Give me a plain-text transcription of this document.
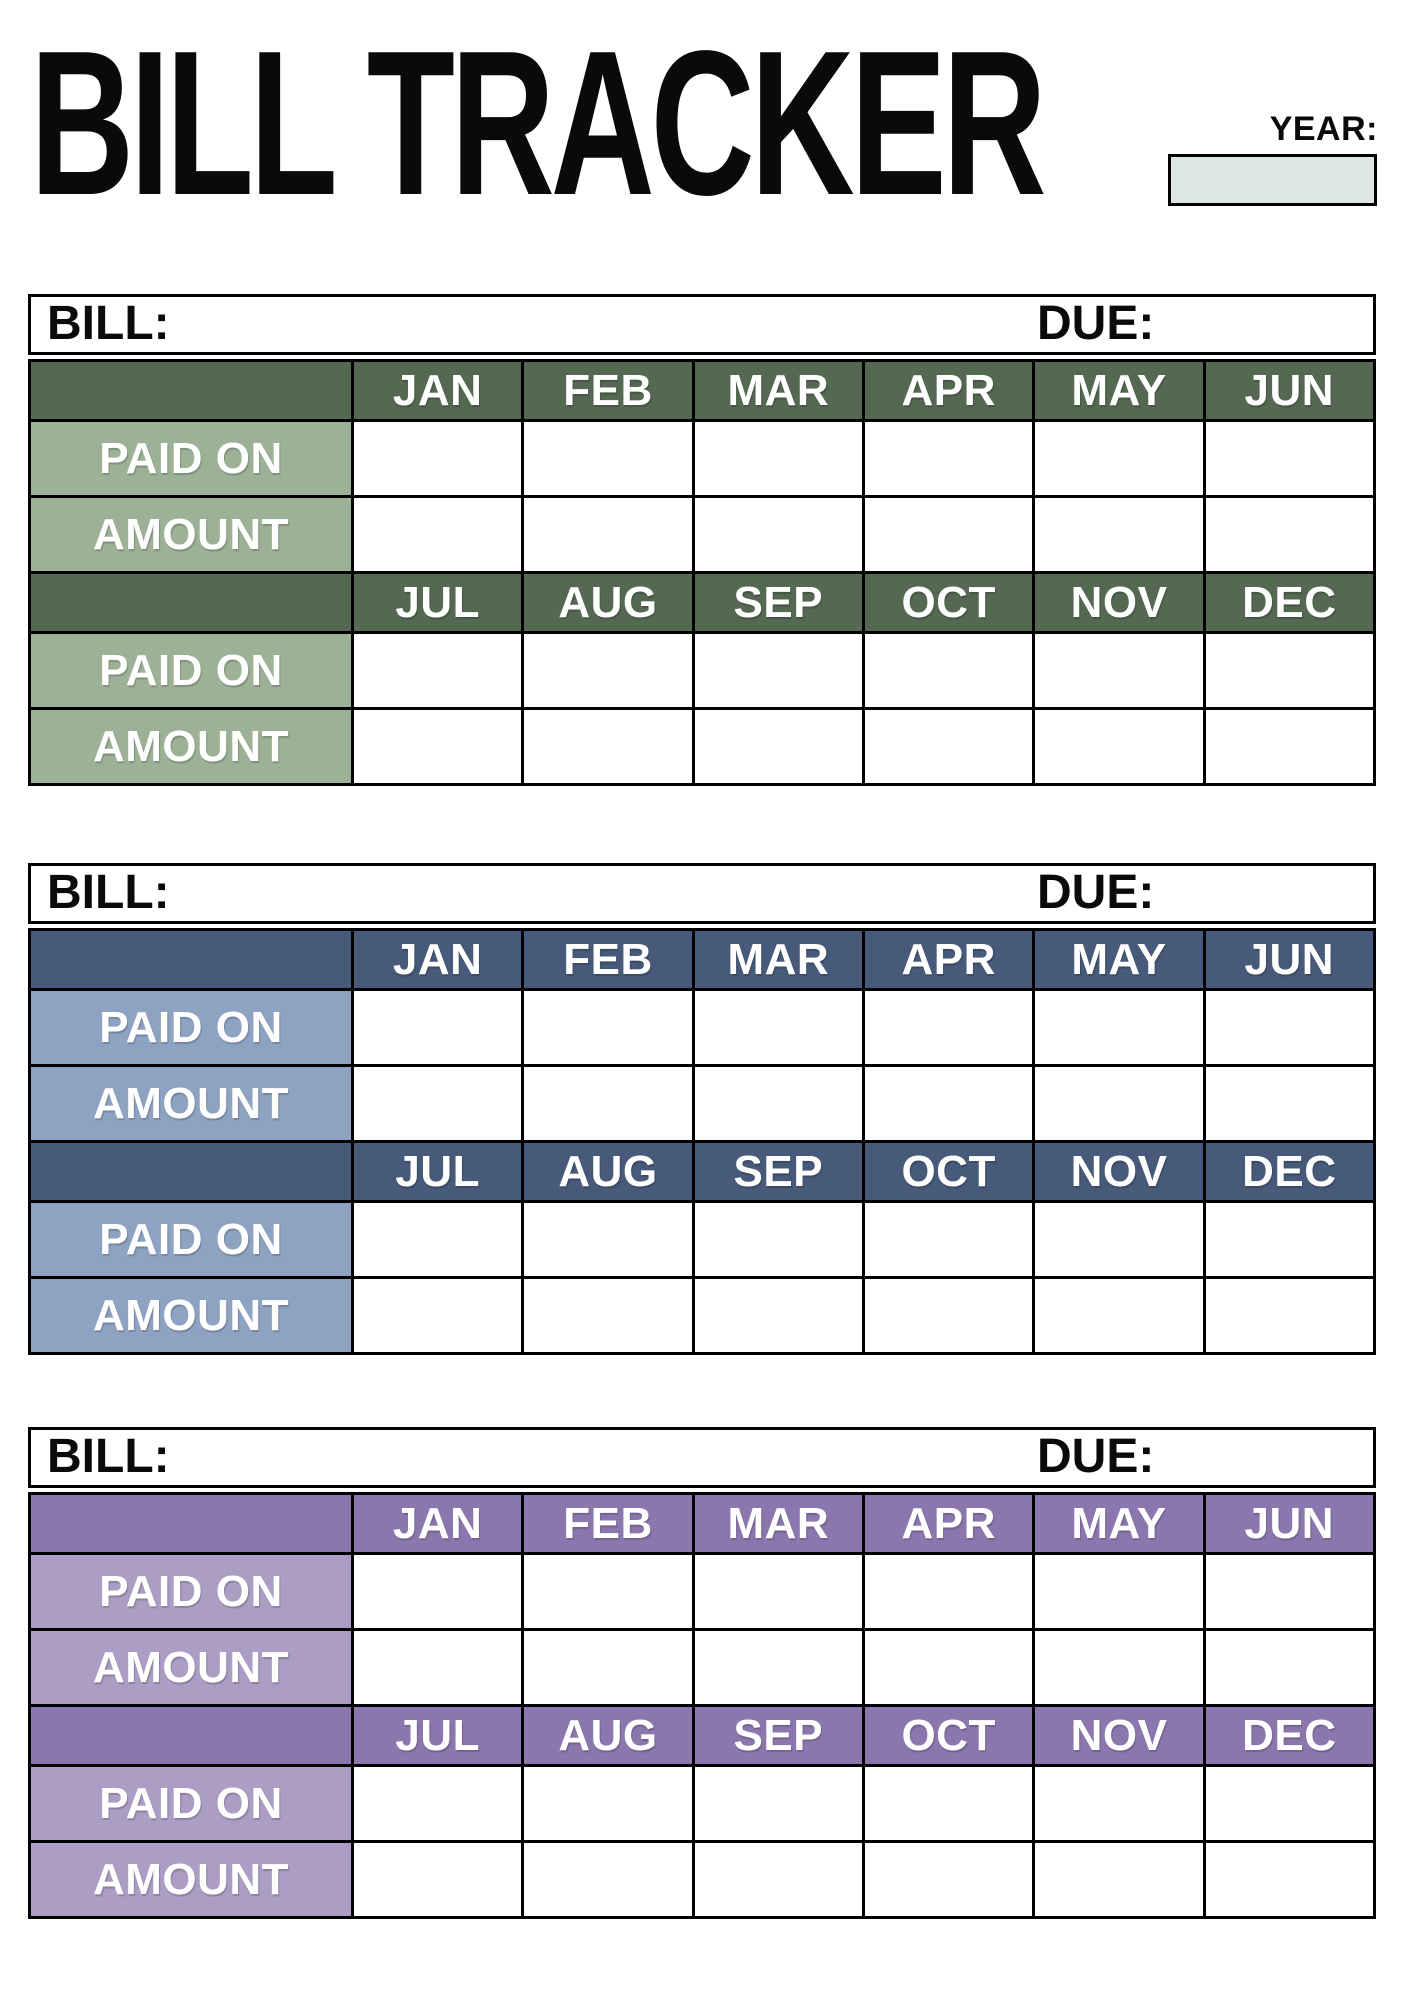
BILL TRACKER	YEAR:
BILL:	DUE:
JAN	FEB	MAR	APR	MAY	JUN
PAID ON
AMOUNT
JUL	AUG	SEP	OCT	NOV	DEC
PAID ON
AMOUNT
BILL:	DUE:
JAN	FEB	MAR	APR	MAY	JUN
PAID ON
AMOUNT
JUL	AUG	SEP	OCT	NOV	DEC
PAID ON
AMOUNT
BILL:	DUE:
JAN	FEB	MAR	APR	MAY	JUN
PAID ON
AMOUNT
JUL	AUG	SEP	OCT	NOV	DEC
PAID ON
AMOUNT
